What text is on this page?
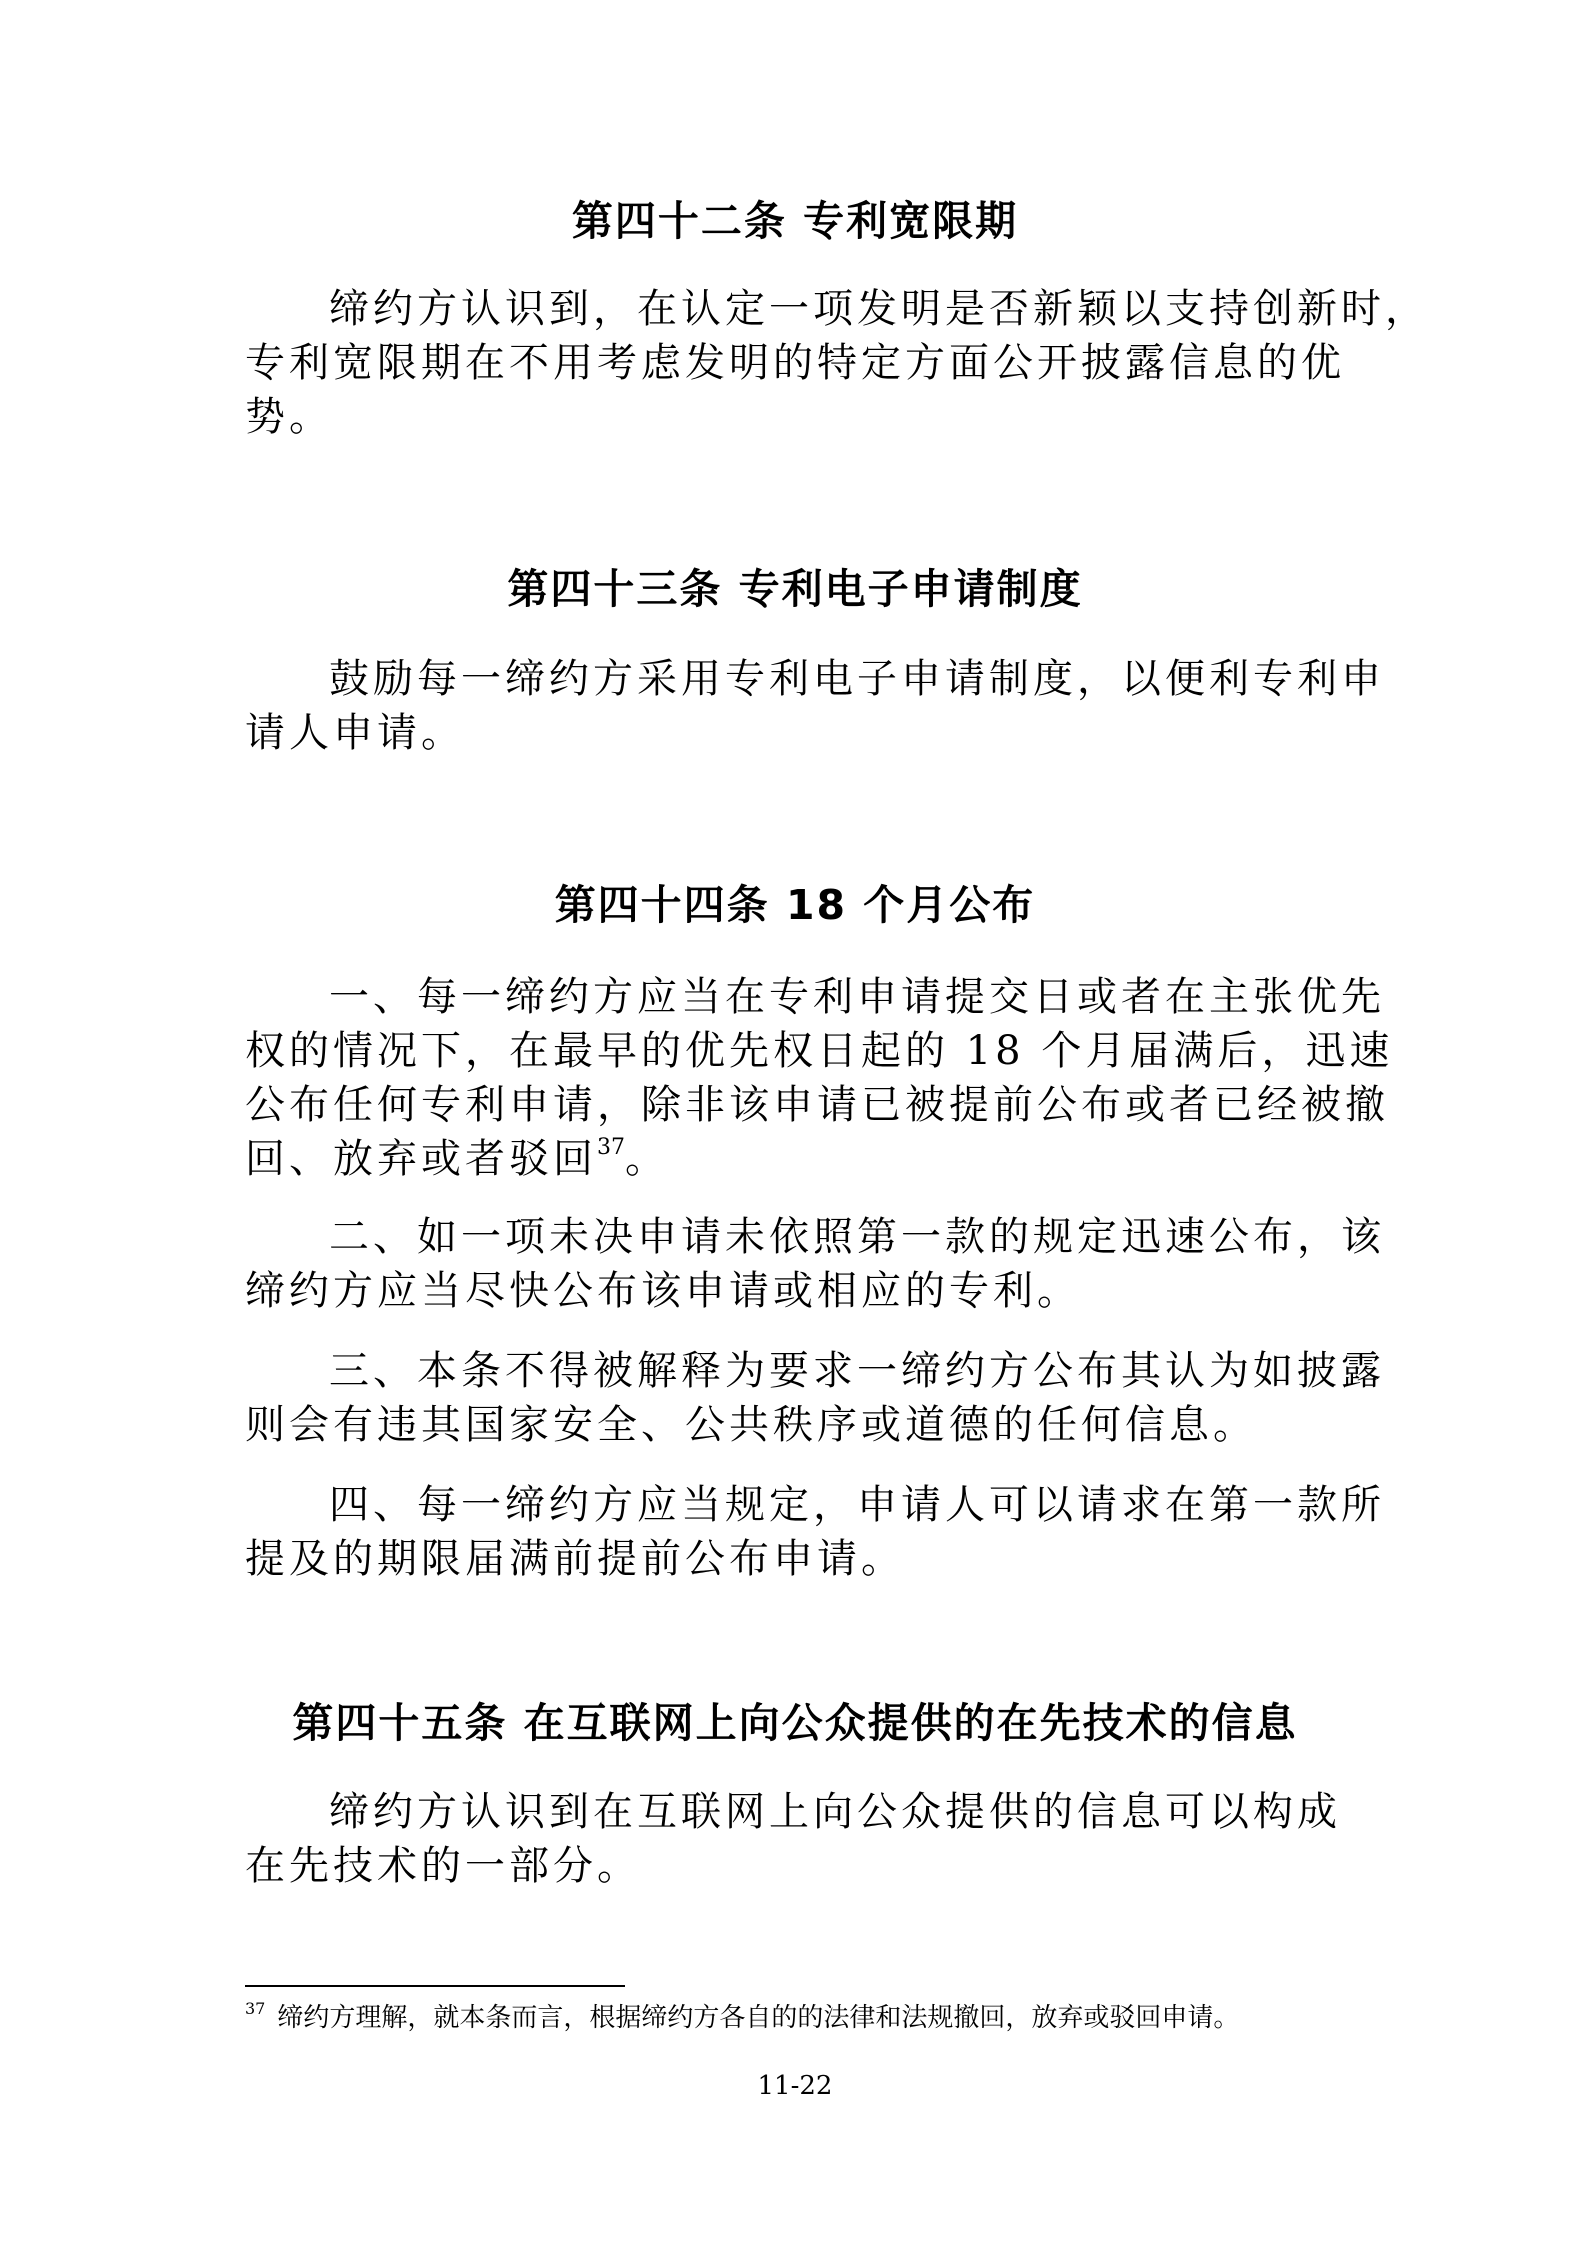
第四十二条 专利宽限期
缔约方认识到，在认定一项发明是否新颖以支持创新时，
专利宽限期在不用考虑发明的特定方面公开披露信息的优
势。
第四十三条 专利电子申请制度
鼓励每一缔约方采用专利电子申请制度，以便利专利申
请人申请。
第四十四条 18 个月公布
一、每一缔约方应当在专利申请提交日或者在主张优先
权的情况下，在最早的优先权日起的 18 个月届满后，迅速
公布任何专利申请，除非该申请已被提前公布或者已经被撤
回、放弃或者驳回$^{37}$。
二、如一项未决申请未依照第一款的规定迅速公布，该
缔约方应当尽快公布该申请或相应的专利。
三、本条不得被解释为要求一缔约方公布其认为如披露
则会有违其国家安全、公共秩序或道德的任何信息。
四、每一缔约方应当规定，申请人可以请求在第一款所
提及的期限届满前提前公布申请。
第四十五条 在互联网上向公众提供的在先技术的信息
缔约方认识到在互联网上向公众提供的信息可以构成
在先技术的一部分。
$^{37}$ 缔约方理解，就本条而言，根据缔约方各自的的法律和法规撤回，放弃或驳回申请。
11-22
